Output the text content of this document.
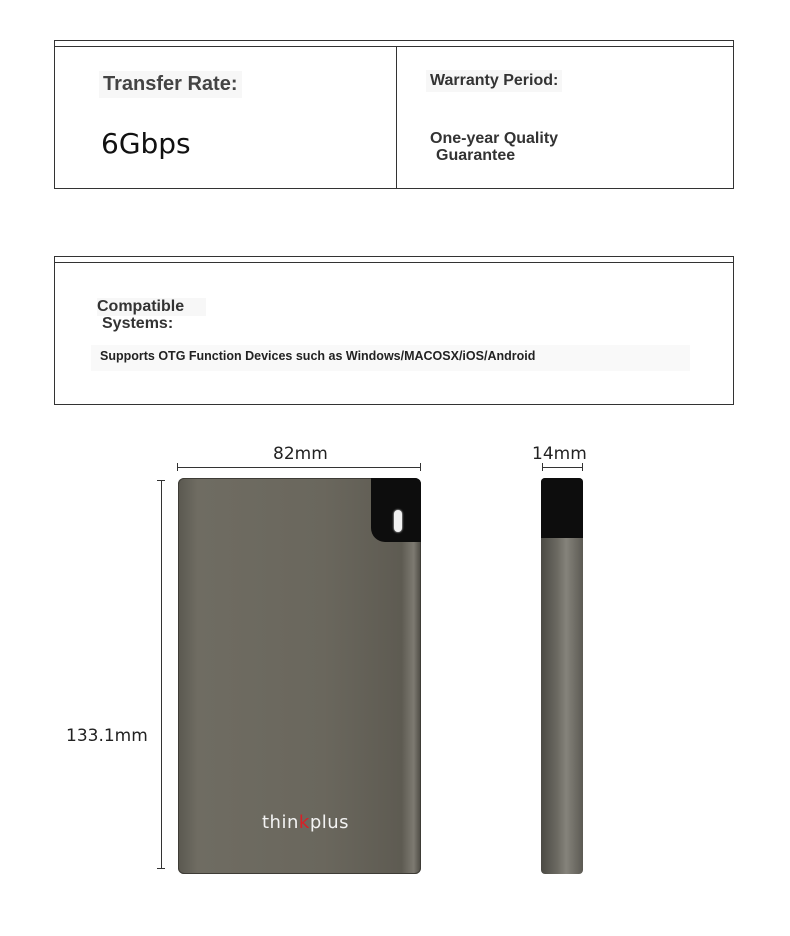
Transfer Rate:
6Gbps
Warranty Period:
One-year Quality
Guarantee
Compatible
Systems:
Supports OTG Function Devices such as Windows/MACOSX/iOS/Android
82mm
133.1mm
14mm
thinkplus
